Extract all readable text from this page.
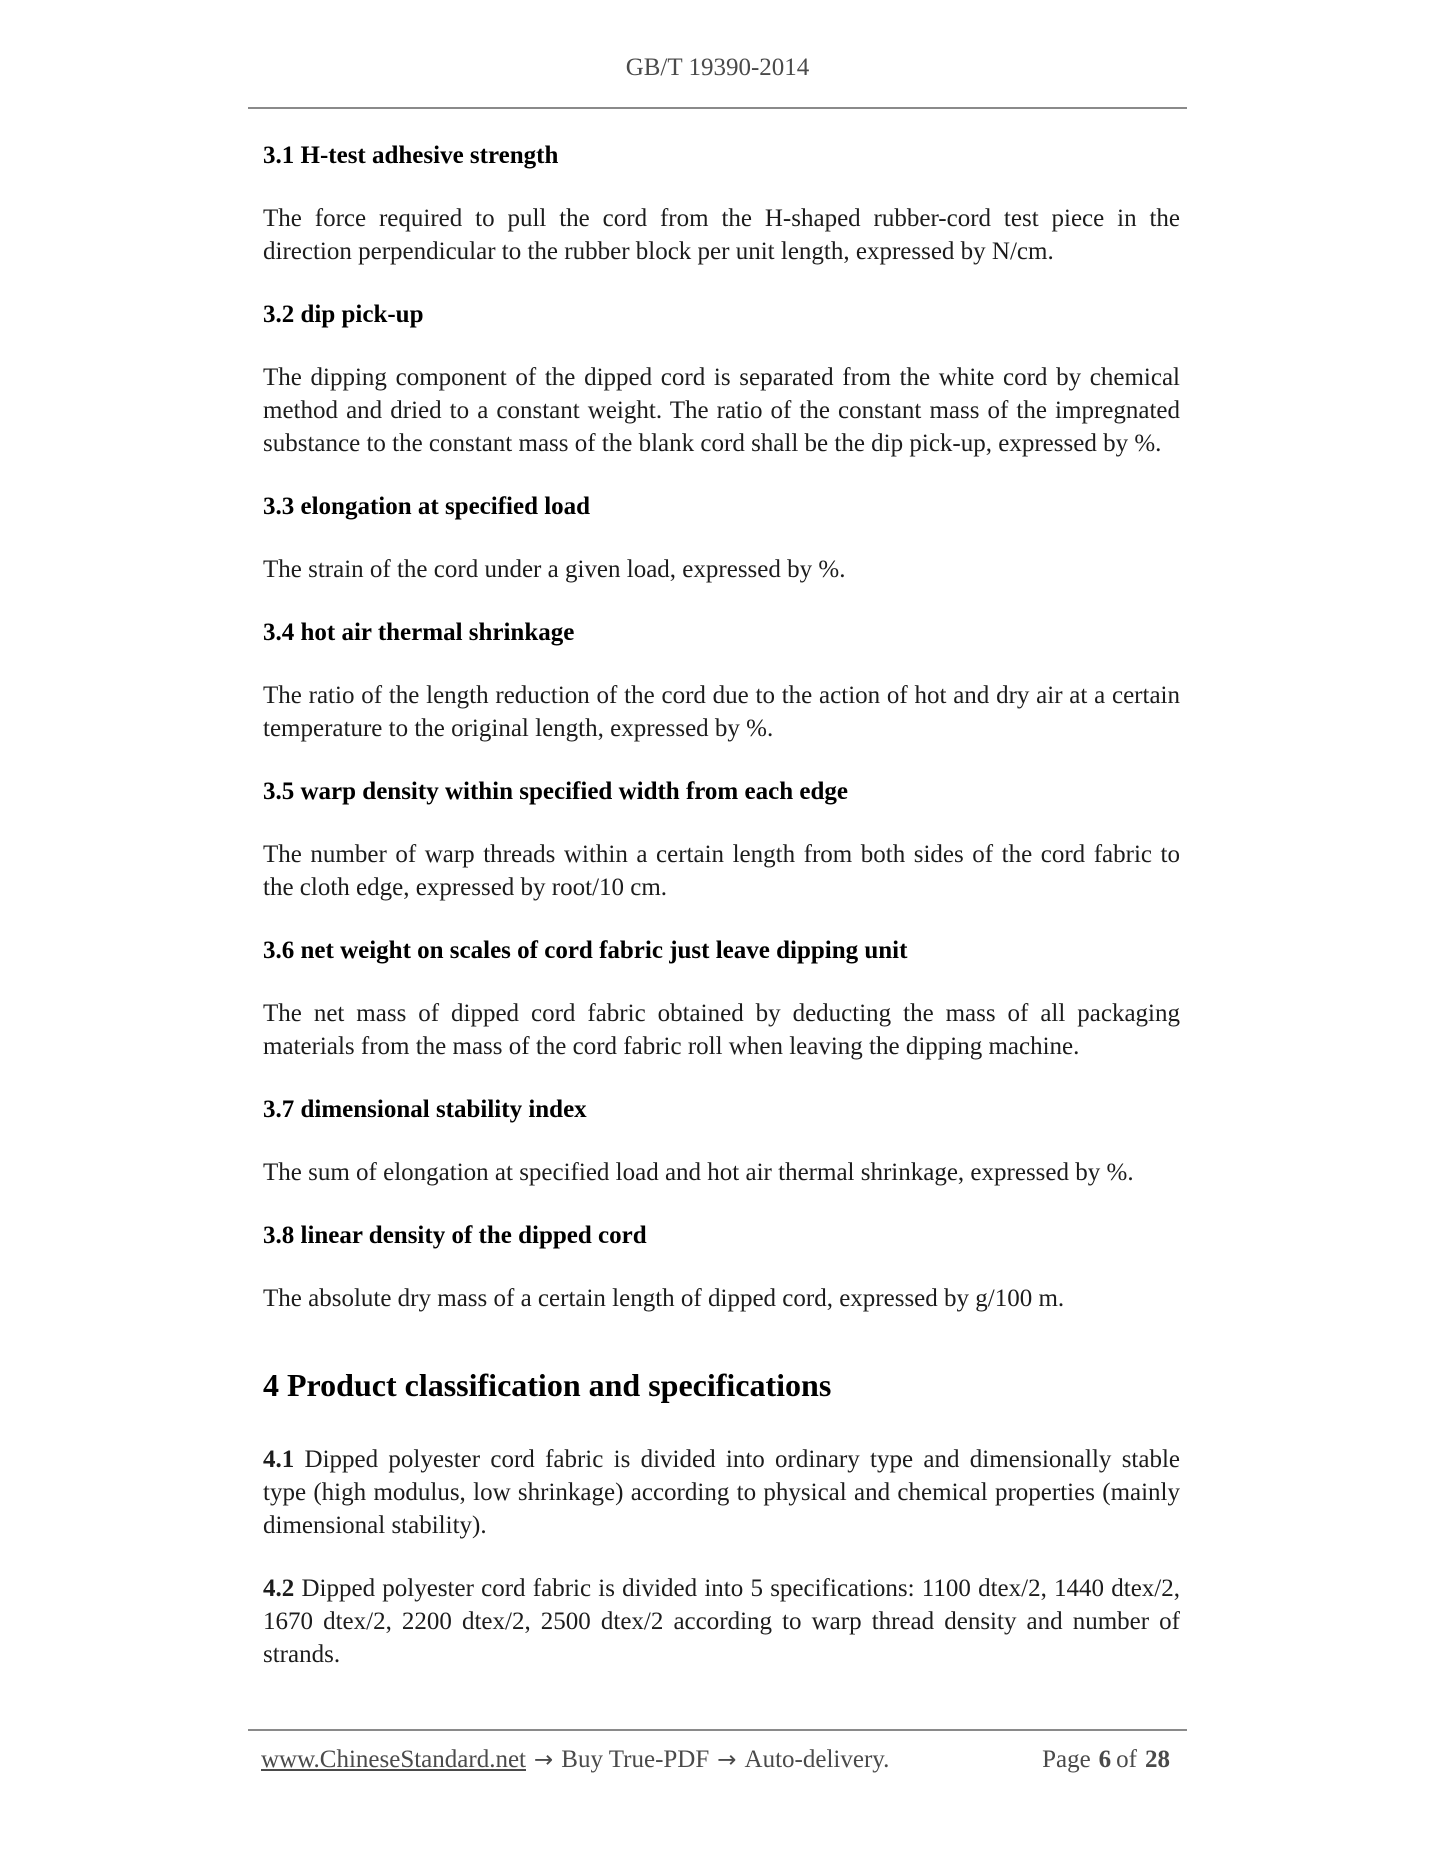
GB/T 19390-2014
3.1 H-test adhesive strength

The force required to pull the cord from the H-shaped rubber-cord test piece in the direction perpendicular to the rubber block per unit length, expressed by N/cm.

3.2 dip pick-up

The dipping component of the dipped cord is separated from the white cord by chemical method and dried to a constant weight. The ratio of the constant mass of the impregnated substance to the constant mass of the blank cord shall be the dip pick-up, expressed by %.

3.3 elongation at specified load

The strain of the cord under a given load, expressed by %.

3.4 hot air thermal shrinkage

The ratio of the length reduction of the cord due to the action of hot and dry air at a certain temperature to the original length, expressed by %.

3.5 warp density within specified width from each edge

The number of warp threads within a certain length from both sides of the cord fabric to the cloth edge, expressed by root/10 cm.

3.6 net weight on scales of cord fabric just leave dipping unit

The net mass of dipped cord fabric obtained by deducting the mass of all packaging materials from the mass of the cord fabric roll when leaving the dipping machine.

3.7 dimensional stability index

The sum of elongation at specified load and hot air thermal shrinkage, expressed by %.

3.8 linear density of the dipped cord

The absolute dry mass of a certain length of dipped cord, expressed by g/100 m.

4 Product classification and specifications

4.1 Dipped polyester cord fabric is divided into ordinary type and dimensionally stable type (high modulus, low shrinkage) according to physical and chemical properties (mainly dimensional stability).

4.2 Dipped polyester cord fabric is divided into 5 specifications: 1100 dtex/2, 1440 dtex/2, 1670 dtex/2, 2200 dtex/2, 2500 dtex/2 according to warp thread density and number of strands.

www.ChineseStandard.net → Buy True-PDF → Auto-delivery.	Page 6 of 28
